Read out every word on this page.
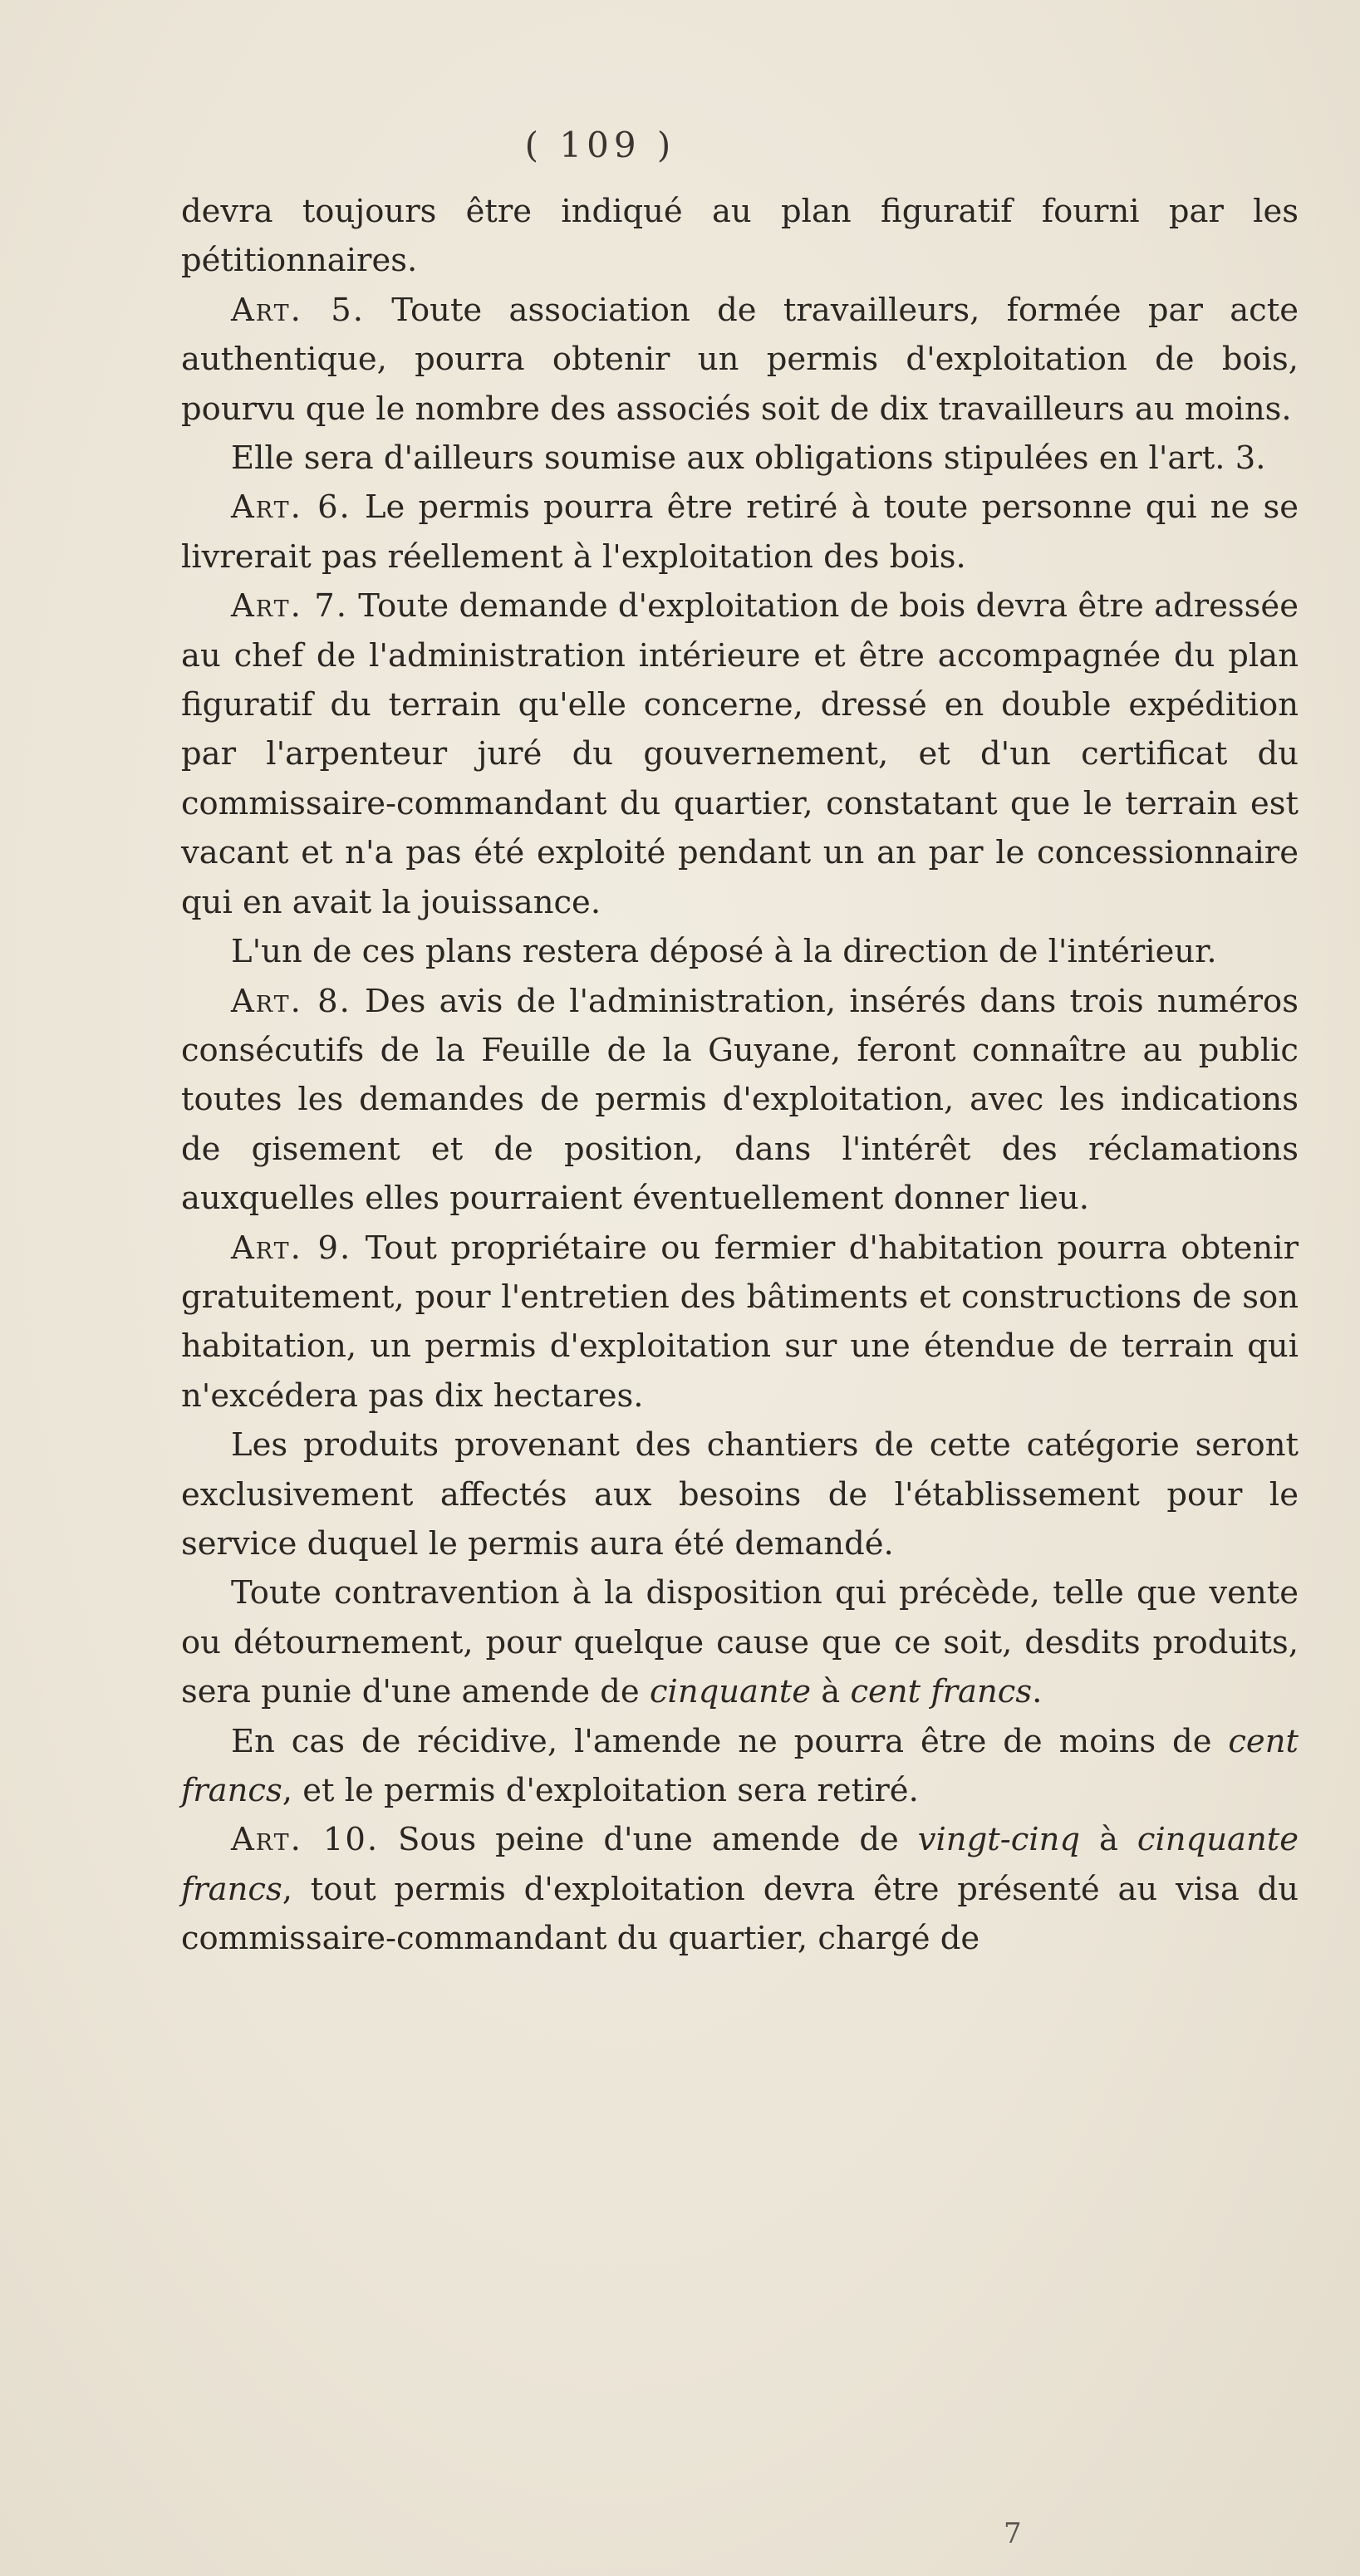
( 109 )

devra toujours être indiqué au plan figuratif fourni par les pétitionnaires.

Art. 5. Toute association de travailleurs, formée par acte authentique, pourra obtenir un permis d'exploitation de bois, pourvu que le nombre des associés soit de dix travailleurs au moins.

Elle sera d'ailleurs soumise aux obligations stipulées en l'art. 3.

Art. 6. Le permis pourra être retiré à toute personne qui ne se livrerait pas réellement à l'exploitation des bois.

Art. 7. Toute demande d'exploitation de bois devra être adressée au chef de l'administration intérieure et être accompagnée du plan figuratif du terrain qu'elle concerne, dressé en double expédition par l'arpenteur juré du gouvernement, et d'un certificat du commissaire-commandant du quartier, constatant que le terrain est vacant et n'a pas été exploité pendant un an par le concessionnaire qui en avait la jouissance.

L'un de ces plans restera déposé à la direction de l'intérieur.

Art. 8. Des avis de l'administration, insérés dans trois numéros consécutifs de la Feuille de la Guyane, feront connaître au public toutes les demandes de permis d'exploitation, avec les indications de gisement et de position, dans l'intérêt des réclamations auxquelles elles pourraient éventuellement donner lieu.

Art. 9. Tout propriétaire ou fermier d'habitation pourra obtenir gratuitement, pour l'entretien des bâtiments et constructions de son habitation, un permis d'exploitation sur une étendue de terrain qui n'excédera pas dix hectares.

Les produits provenant des chantiers de cette catégorie seront exclusivement affectés aux besoins de l'établissement pour le service duquel le permis aura été demandé.

Toute contravention à la disposition qui précède, telle que vente ou détournement, pour quelque cause que ce soit, desdits produits, sera punie d'une amende de cinquante à cent francs.

En cas de récidive, l'amende ne pourra être de moins de cent francs, et le permis d'exploitation sera retiré.

Art. 10. Sous peine d'une amende de vingt-cinq à cinquante francs, tout permis d'exploitation devra être présenté au visa du commissaire-commandant du quartier, chargé de

7
